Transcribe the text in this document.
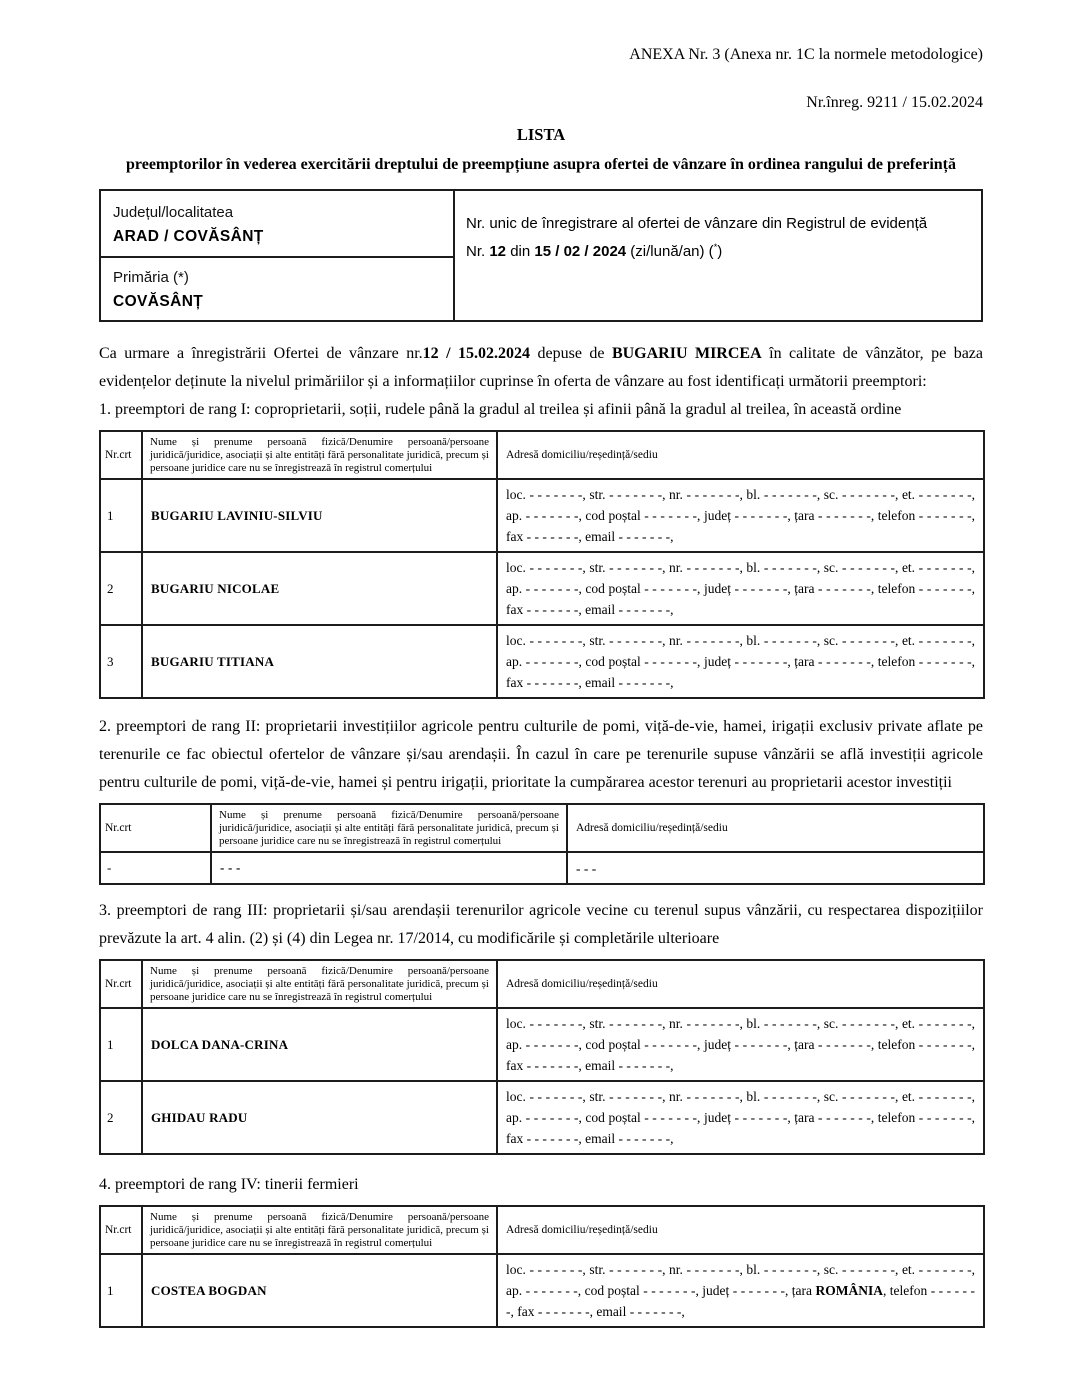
ANEXA Nr. 3 (Anexa nr. 1C la normele metodologice)
Nr.înreg. 9211 / 15.02.2024
LISTA
preemptorilor în vederea exercitării dreptului de preempțiune asupra ofertei de vânzare în ordinea rangului de preferință
Județul/localitatea
ARAD / COVĂSÂNȚ
Primăria (*)
COVĂSÂNȚ
Nr. unic de înregistrare al ofertei de vânzare din Registrul de evidență
Nr. 12 din 15 / 02 / 2024 (zi/lună/an) (*)

Ca urmare a înregistrării Ofertei de vânzare nr.12 / 15.02.2024 depuse de BUGARIU MIRCEA în calitate de vânzător, pe baza evidențelor deținute la nivelul primăriilor și a informațiilor cuprinse în oferta de vânzare au fost identificați următorii preemptori:

1. preemptori de rang I: coproprietarii, soții, rudele până la gradul al treilea și afinii până la gradul al treilea, în această ordine

Nr.crt	Nume și prenume persoană fizică/Denumire persoană/persoane juridică/juridice, asociații și alte entități fără personalitate juridică, precum și persoane juridice care nu se înregistrează în registrul comerțului	Adresă domiciliu/reședință/sediu
1	BUGARIU LAVINIU-SILVIU	loc. - - - - - - -, str. - - - - - - -, nr. - - - - - - -, bl. - - - - - - -, sc. - - - - - - -, et. - - - - - - -, ap. - - - - - - -, cod poștal - - - - - - -, județ - - - - - - -, țara - - - - - - -, telefon - - - - - - -, fax - - - - - - -, email - - - - - - -,
2	BUGARIU NICOLAE	loc. - - - - - - -, str. - - - - - - -, nr. - - - - - - -, bl. - - - - - - -, sc. - - - - - - -, et. - - - - - - -, ap. - - - - - - -, cod poștal - - - - - - -, județ - - - - - - -, țara - - - - - - -, telefon - - - - - - -, fax - - - - - - -, email - - - - - - -,
3	BUGARIU TITIANA	loc. - - - - - - -, str. - - - - - - -, nr. - - - - - - -, bl. - - - - - - -, sc. - - - - - - -, et. - - - - - - -, ap. - - - - - - -, cod poștal - - - - - - -, județ - - - - - - -, țara - - - - - - -, telefon - - - - - - -, fax - - - - - - -, email - - - - - - -,

2. preemptori de rang II: proprietarii investițiilor agricole pentru culturile de pomi, viță-de-vie, hamei, irigații exclusiv private aflate pe terenurile ce fac obiectul ofertelor de vânzare și/sau arendașii. În cazul în care pe terenurile supuse vânzării se află investiții agricole pentru culturile de pomi, viță-de-vie, hamei și pentru irigații, prioritate la cumpărarea acestor terenuri au proprietarii acestor investiții

Nr.crt	Nume și prenume persoană fizică/Denumire persoană/persoane juridică/juridice, asociații și alte entități fără personalitate juridică, precum și persoane juridice care nu se înregistrează în registrul comerțului	Adresă domiciliu/reședință/sediu
-	- - -	- - -

3. preemptori de rang III: proprietarii și/sau arendașii terenurilor agricole vecine cu terenul supus vânzării, cu respectarea dispozițiilor prevăzute la art. 4 alin. (2) și (4) din Legea nr. 17/2014, cu modificările și completările ulterioare

Nr.crt	Nume și prenume persoană fizică/Denumire persoană/persoane juridică/juridice, asociații și alte entități fără personalitate juridică, precum și persoane juridice care nu se înregistrează în registrul comerțului	Adresă domiciliu/reședință/sediu
1	DOLCA DANA-CRINA	loc. - - - - - - -, str. - - - - - - -, nr. - - - - - - -, bl. - - - - - - -, sc. - - - - - - -, et. - - - - - - -, ap. - - - - - - -, cod poștal - - - - - - -, județ - - - - - - -, țara - - - - - - -, telefon - - - - - - -, fax - - - - - - -, email - - - - - - -,
2	GHIDAU RADU	loc. - - - - - - -, str. - - - - - - -, nr. - - - - - - -, bl. - - - - - - -, sc. - - - - - - -, et. - - - - - - -, ap. - - - - - - -, cod poștal - - - - - - -, județ - - - - - - -, țara - - - - - - -, telefon - - - - - - -, fax - - - - - - -, email - - - - - - -,

4. preemptori de rang IV: tinerii fermieri

Nr.crt	Nume și prenume persoană fizică/Denumire persoană/persoane juridică/juridice, asociații și alte entități fără personalitate juridică, precum și persoane juridice care nu se înregistrează în registrul comerțului	Adresă domiciliu/reședință/sediu
1	COSTEA BOGDAN	loc. - - - - - - -, str. - - - - - - -, nr. - - - - - - -, bl. - - - - - - -, sc. - - - - - - -, et. - - - - - - -, ap. - - - - - - -, cod poștal - - - - - - -, județ - - - - - - -, țara ROMÂNIA, telefon - - - - - - -, fax - - - - - - -, email - - - - - - -,
